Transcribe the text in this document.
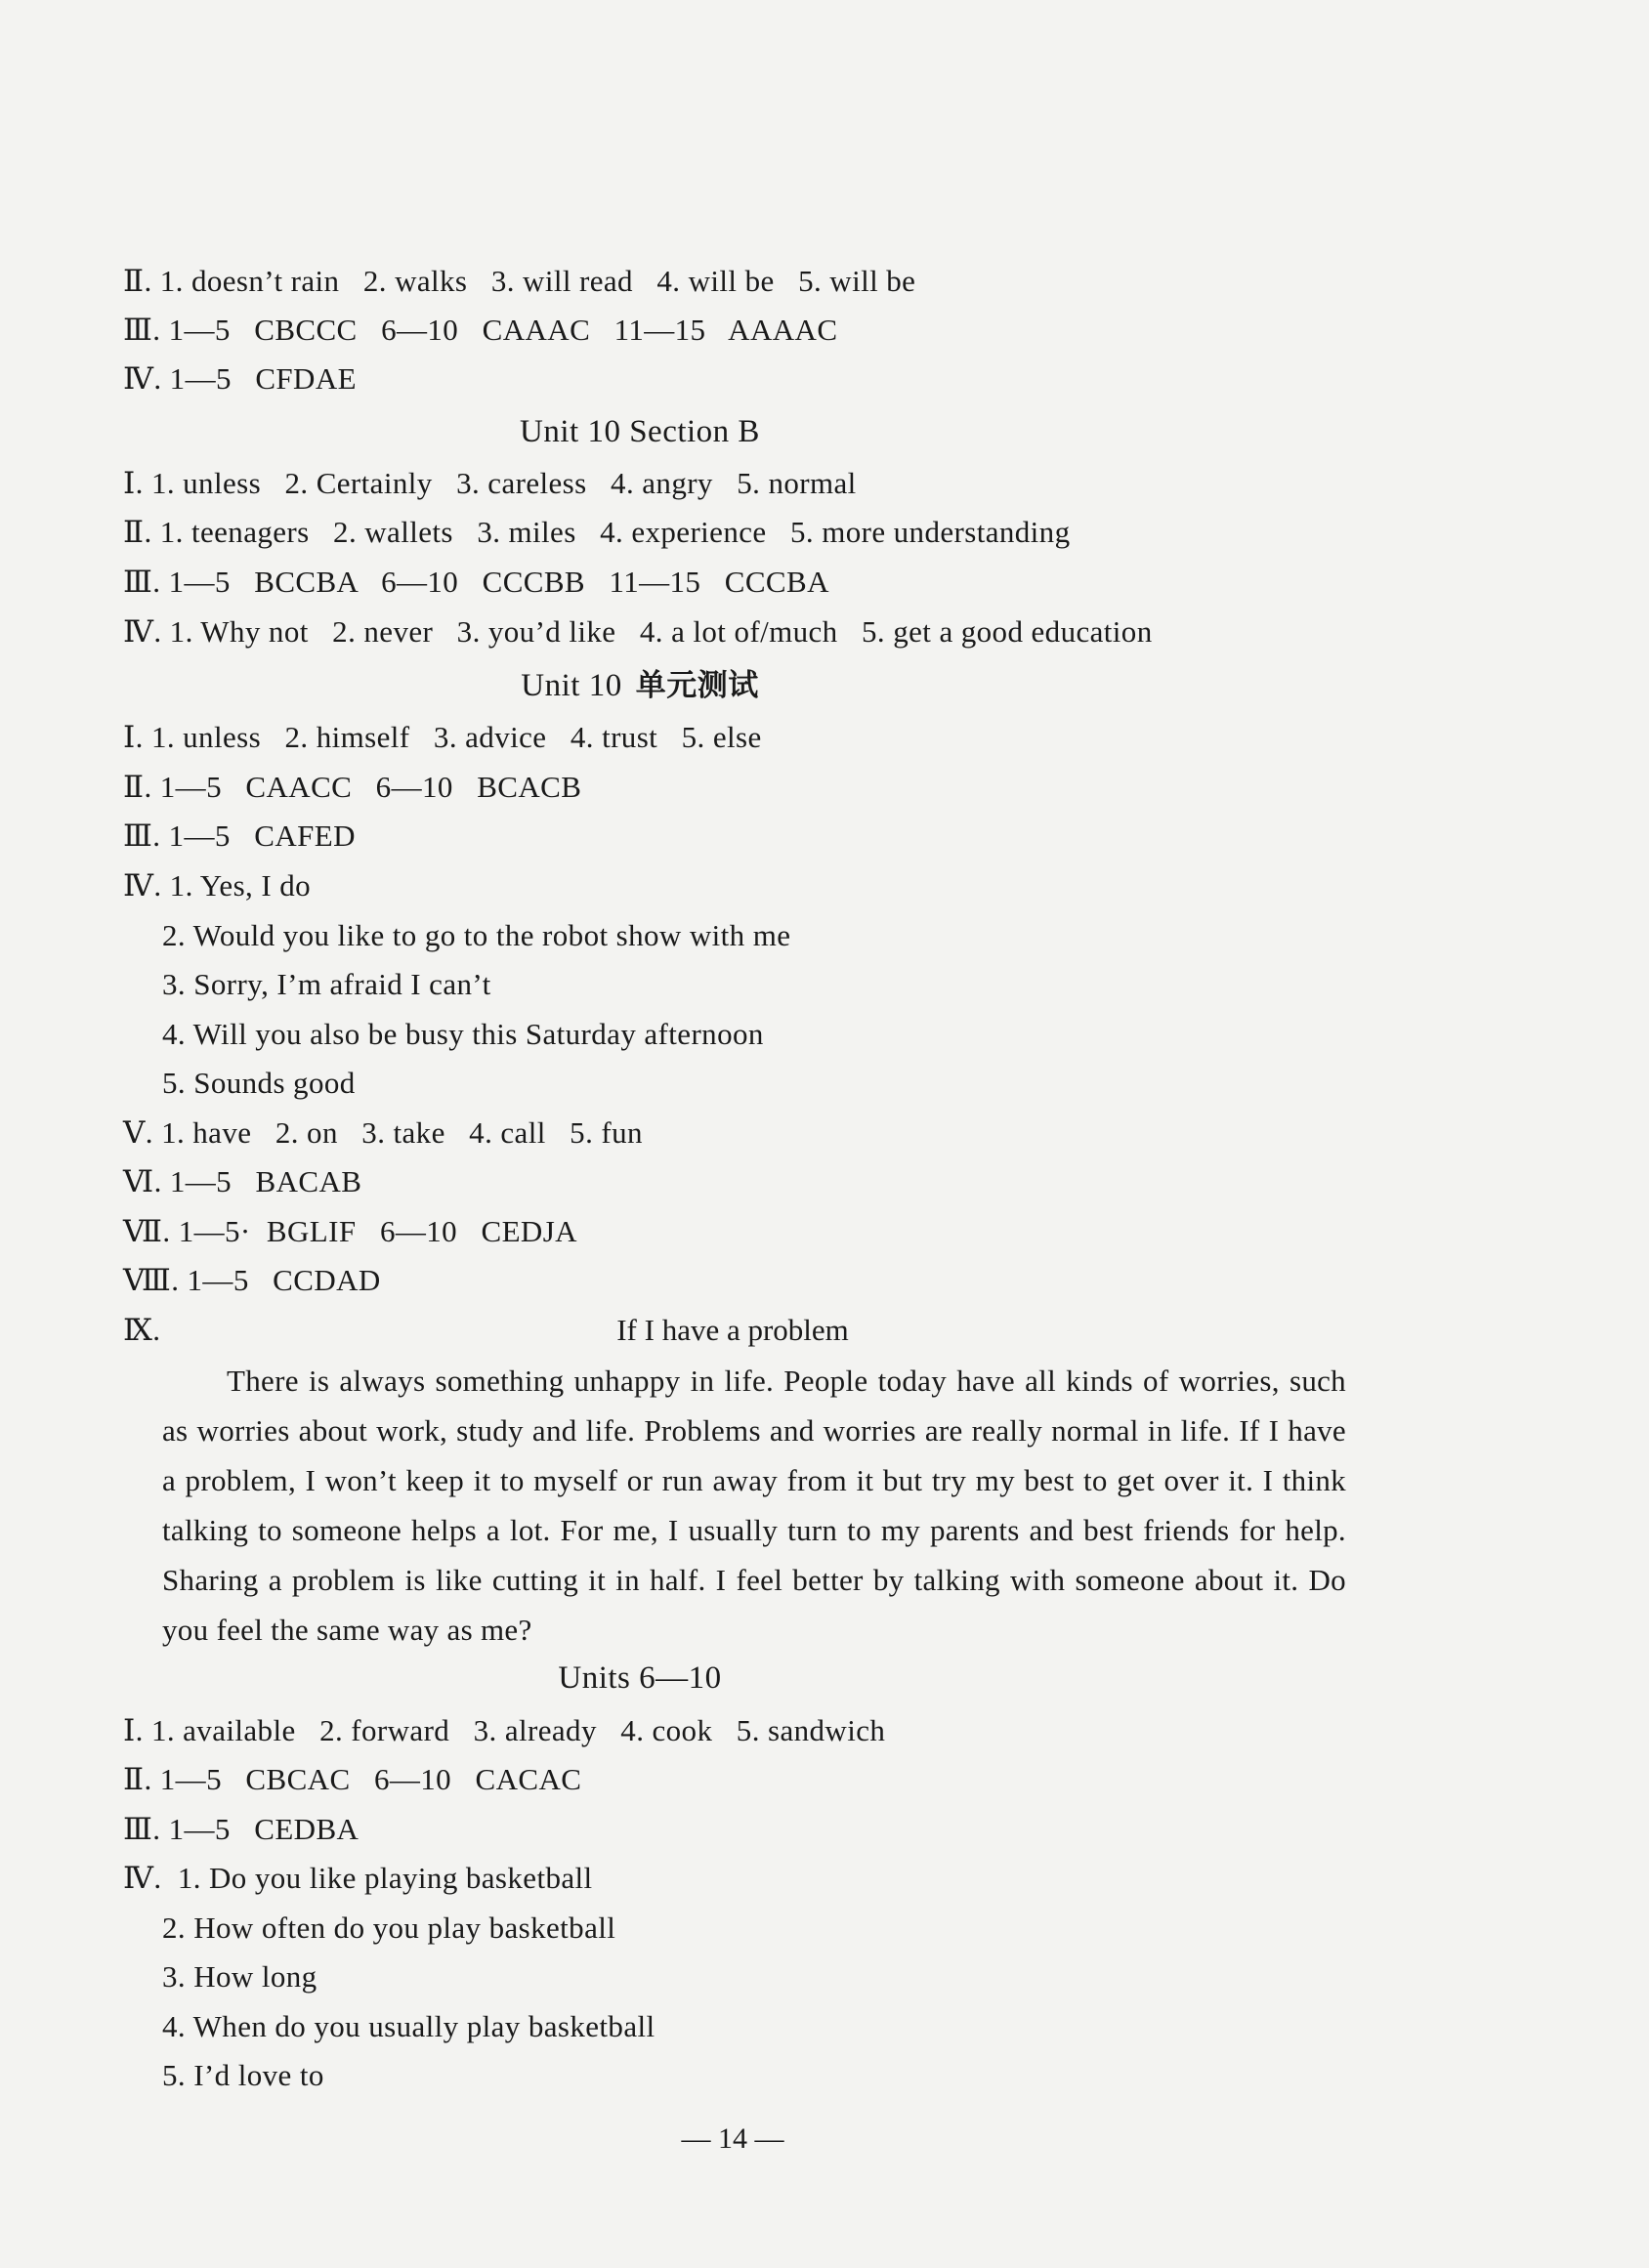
Ⅱ. 1. doesn’t rain   2. walks   3. will read   4. will be   5. will be
Ⅲ. 1—5   CBCCC   6—10   CAAAC   11—15   AAAAC
Ⅳ. 1—5   CFDAE
Unit 10 Section B
Ⅰ. 1. unless   2. Certainly   3. careless   4. angry   5. normal
Ⅱ. 1. teenagers   2. wallets   3. miles   4. experience   5. more understanding
Ⅲ. 1—5   BCCBA   6—10   CCCBB   11—15   CCCBA
Ⅳ. 1. Why not   2. never   3. you’d like   4. a lot of/much   5. get a good education
Unit 10 单元测试
Ⅰ. 1. unless   2. himself   3. advice   4. trust   5. else
Ⅱ. 1—5   CAACC   6—10   BCACB
Ⅲ. 1—5   CAFED
Ⅳ. 1. Yes, I do
2. Would you like to go to the robot show with me
3. Sorry, I’m afraid I can’t
4. Will you also be busy this Saturday afternoon
5. Sounds good
Ⅴ. 1. have   2. on   3. take   4. call   5. fun
Ⅵ. 1—5   BACAB
Ⅶ. 1—5·  BGLIF   6—10   CEDJA
Ⅷ. 1—5   CCDAD
Ⅸ.	If I have a problem
There is always something unhappy in life. People today have all kinds of worries, such as worries about work, study and life. Problems and worries are really normal in life. If I have a problem, I won’t keep it to myself or run away from it but try my best to get over it. I think talking to someone helps a lot. For me, I usually turn to my parents and best friends for help. Sharing a problem is like cutting it in half. I feel better by talking with someone about it. Do you feel the same way as me?
Units 6—10
Ⅰ. 1. available   2. forward   3. already   4. cook   5. sandwich
Ⅱ. 1—5   CBCAC   6—10   CACAC
Ⅲ. 1—5   CEDBA
Ⅳ.  1. Do you like playing basketball
2. How often do you play basketball
3. How long
4. When do you usually play basketball
5. I’d love to
— 14 —
